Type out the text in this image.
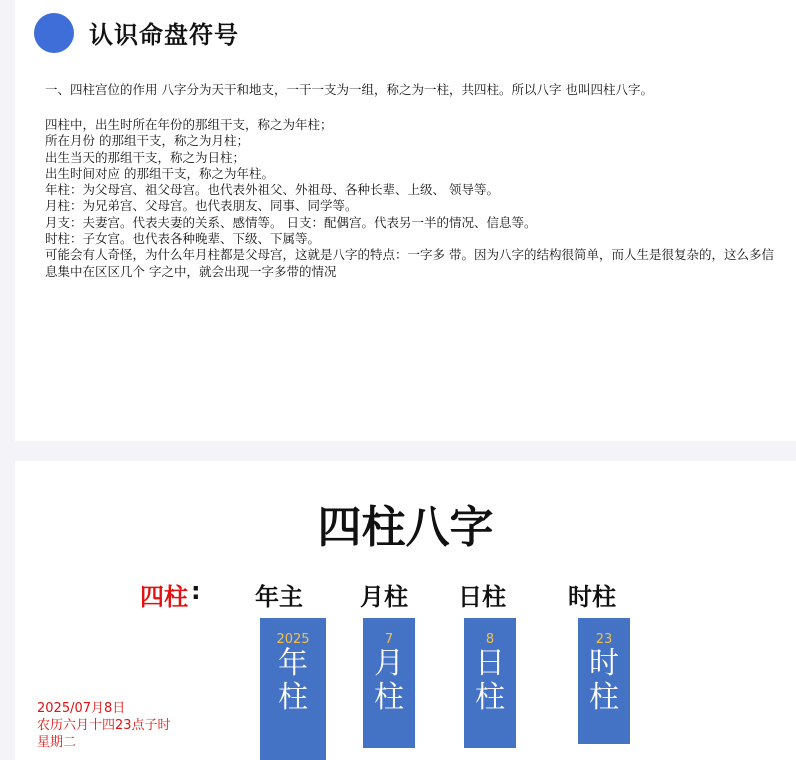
认识命盘符号
一、四柱宫位的作用 八字分为天干和地支，一干一支为一组，称之为一柱，共四柱。所以八字 也叫四柱八字。
四柱中，出生时所在年份的那组干支，称之为年柱；
所在月份 的那组干支，称之为月柱；
出生当天的那组干支，称之为日柱；
出生时间对应 的那组干支，称之为年柱。
年柱：为父母宫、祖父母宫。也代表外祖父、外祖母、各种长辈、上级、 领导等。
月柱：为兄弟宫、父母宫。也代表朋友、同事、同学等。
月支：夫妻宫。代表夫妻的关系、感情等。 日支：配偶宫。代表另一半的情况、信息等。
时柱：子女宫。也代表各种晚辈、下级、下属等。
可能会有人奇怪，为什么年月柱都是父母宫，这就是八字的特点：一字多 带。因为八字的结构很简单，而人生是很复杂的，这么多信息集中在区区几个 字之中，就会出现一字多带的情况
四柱八字
四柱 : 年主 月柱 日柱	时柱
2025
年
柱
7
月
柱
8
日
柱
23
时
柱
2025/07月8日
农历六月十四23点子时
星期二
